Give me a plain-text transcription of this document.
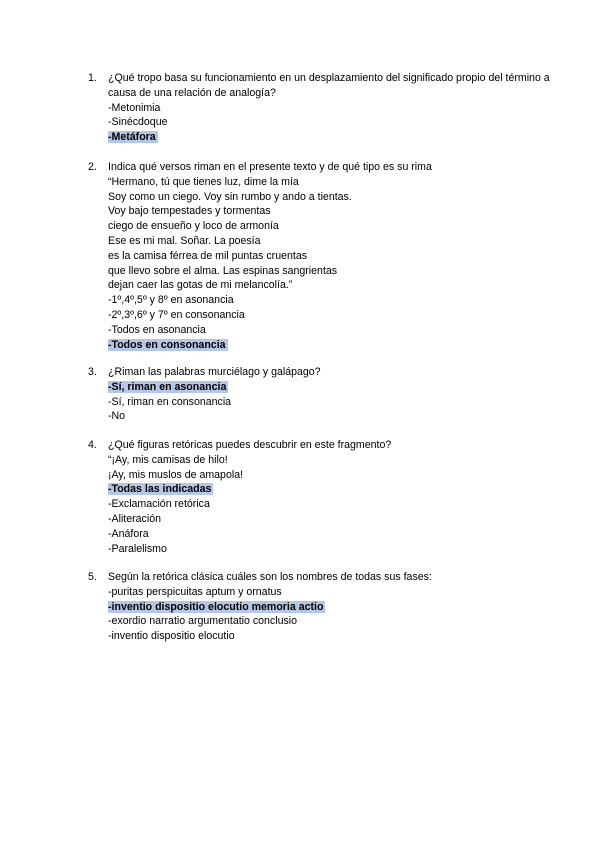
1.	¿Qué tropo basa su funcionamiento en un desplazamiento del significado propio del término a causa de una relación de analogía?
-Metonimia
-Sinécdoque
-Metáfora
2.	Indica qué versos riman en el presente texto y de qué tipo es su rima
“Hermano, tú que tienes luz, dime la mía
Soy como un ciego. Voy sin rumbo y ando a tientas.
Voy bajo tempestades y tormentas
ciego de ensueño y loco de armonía
Ese es mi mal. Soñar. La poesía
es la camisa férrea de mil puntas cruentas
que llevo sobre el alma. Las espinas sangrientas
dejan caer las gotas de mi melancolía.”
-1º,4º,5º y 8º en asonancia
-2º,3º,6º y 7º en consonancia
-Todos en asonancia
-Todos en consonancia
3.	¿Riman las palabras murciélago y galápago?
-Sí, riman en asonancia
-Sí, riman en consonancia
-No
4.	¿Qué figuras retóricas puedes descubrir en este fragmento?
“¡Ay, mis camisas de hilo!
¡Ay, mis muslos de amapola!
-Todas las indicadas
-Exclamación retórica
-Aliteración
-Anáfora
-Paralelismo
5.	Según la retórica clásica cuáles son los nombres de todas sus fases:
-puritas perspicuitas aptum y ornatus
-inventio dispositio elocutio memoria actio
-exordio narratio argumentatio conclusio
-inventio dispositio elocutio
